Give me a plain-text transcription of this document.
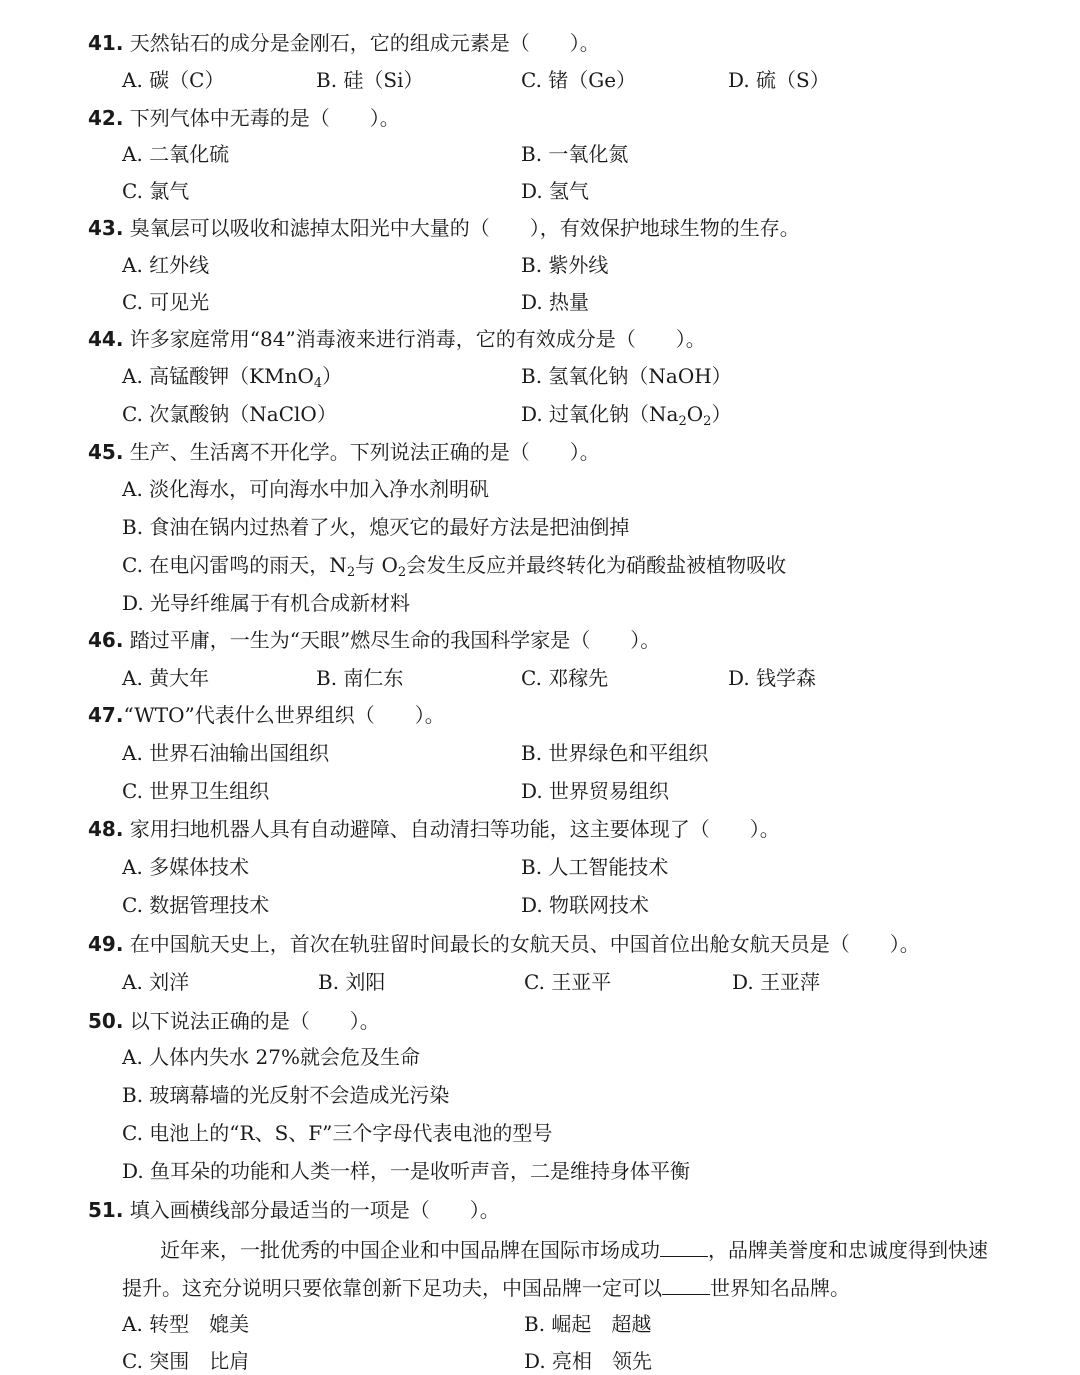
41. 天然钻石的成分是金刚石，它的组成元素是（　　）。
A. 碳（C）	B. 硅（Si）	C. 锗（Ge）	D. 硫（S）
42. 下列气体中无毒的是（　　）。
A. 二氧化硫	B. 一氧化氮
C. 氯气	D. 氢气
43. 臭氧层可以吸收和滤掉太阳光中大量的（　　），有效保护地球生物的生存。
A. 红外线	B. 紫外线
C. 可见光	D. 热量
44. 许多家庭常用“84”消毒液来进行消毒，它的有效成分是（　　）。
A. 高锰酸钾（KMnO$_4$）	B. 氢氧化钠（NaOH）
C. 次氯酸钠（NaClO）	D. 过氧化钠$(Na_2O_2)$
45. 生产、生活离不开化学。下列说法正确的是（　　）。
A. 淡化海水，可向海水中加入净水剂明矾
B. 食油在锅内过热着了火，熄灭它的最好方法是把油倒掉
C. 在电闪雷鸣的雨天，$N_2$与 $O_2$会发生反应并最终转化为硝酸盐被植物吸收
D. 光导纤维属于有机合成新材料
46. 踏过平庸，一生为“天眼”燃尽生命的我国科学家是（　　）。
A. 黄大年	B. 南仁东	C. 邓稼先	D. 钱学森
47.“WTO”代表什么世界组织（　　）。
A. 世界石油输出国组织	B. 世界绿色和平组织
C. 世界卫生组织	D. 世界贸易组织
48. 家用扫地机器人具有自动避障、自动清扫等功能，这主要体现了（　　）。
A. 多媒体技术	B. 人工智能技术
C. 数据管理技术	D. 物联网技术
49. 在中国航天史上，首次在轨驻留时间最长的女航天员、中国首位出舱女航天员是（　　）。
A. 刘洋	B. 刘阳	C. 王亚平	D. 王亚萍
50. 以下说法正确的是（　　）。
A. 人体内失水 27%就会危及生命
B. 玻璃幕墙的光反射不会造成光污染
C. 电池上的“R、S、F”三个字母代表电池的型号
D. 鱼耳朵的功能和人类一样，一是收听声音，二是维持身体平衡
51. 填入画横线部分最适当的一项是（　　）。
近年来，一批优秀的中国企业和中国品牌在国际市场成功 ，品牌美誉度和忠诚度得到快速
提升。这充分说明只要依靠创新下足功夫，中国品牌一定可以 世界知名品牌。
A. 转型　媲美	B. 崛起　超越
C. 突围　比肩	D. 亮相　领先
